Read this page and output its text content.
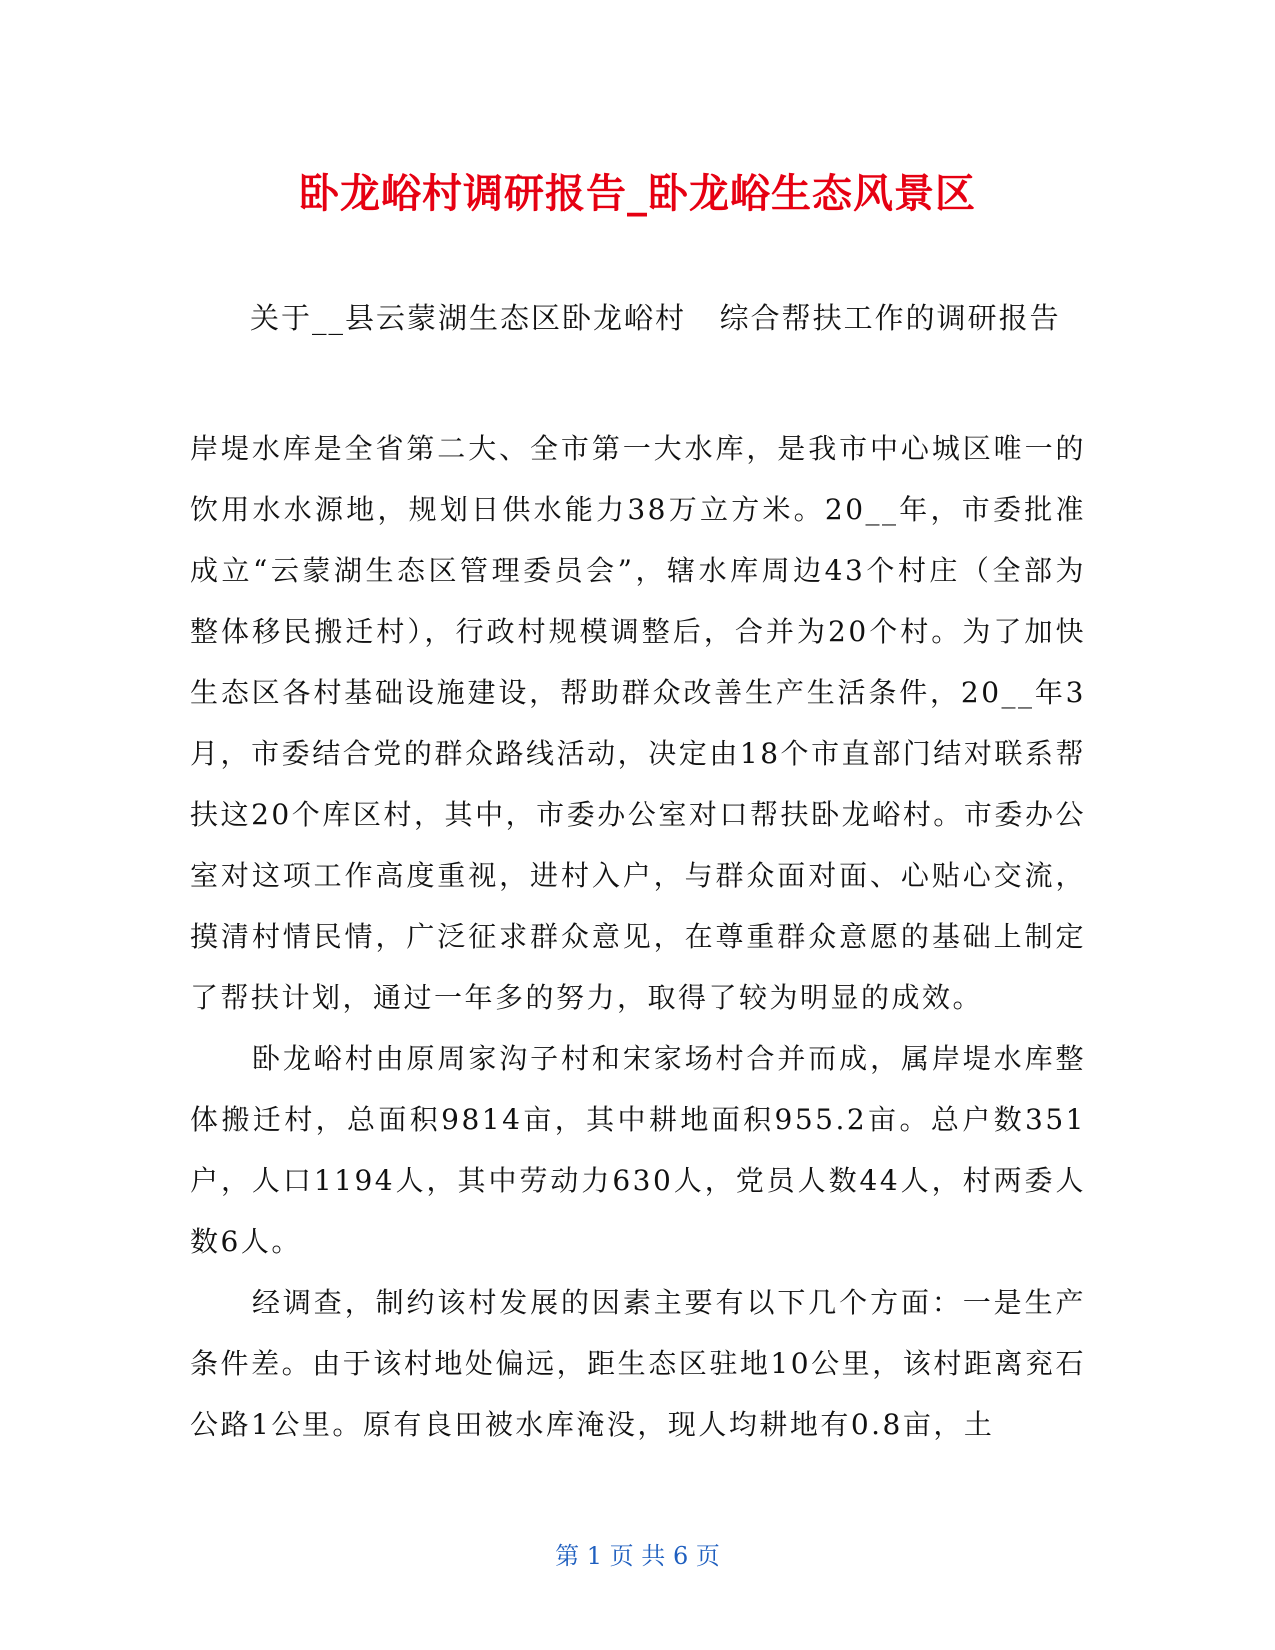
卧龙峪村调研报告_卧龙峪生态风景区

关于__县云蒙湖生态区卧龙峪村   综合帮扶工作的调研报告

岸堤水库是全省第二大、全市第一大水库，是我市中心城区唯一的饮用水水源地，规划日供水能力38万立方米。20__年，市委批准成立“云蒙湖生态区管理委员会”，辖水库周边43个村庄（全部为整体移民搬迁村），行政村规模调整后，合并为20个村。为了加快生态区各村基础设施建设，帮助群众改善生产生活条件，20__年3月，市委结合党的群众路线活动，决定由18个市直部门结对联系帮扶这20个库区村，其中，市委办公室对口帮扶卧龙峪村。市委办公室对这项工作高度重视，进村入户，与群众面对面、心贴心交流，摸清村情民情，广泛征求群众意见，在尊重群众意愿的基础上制定了帮扶计划，通过一年多的努力，取得了较为明显的成效。

卧龙峪村由原周家沟子村和宋家场村合并而成，属岸堤水库整体搬迁村，总面积9814亩，其中耕地面积955.2亩。总户数351户，人口1194人，其中劳动力630人，党员人数44人，村两委人数6人。

经调查，制约该村发展的因素主要有以下几个方面：一是生产条件差。由于该村地处偏远，距生态区驻地10公里，该村距离兖石公路1公里。原有良田被水库淹没，现人均耕地有0.8亩，土

第 1 页 共 6 页
